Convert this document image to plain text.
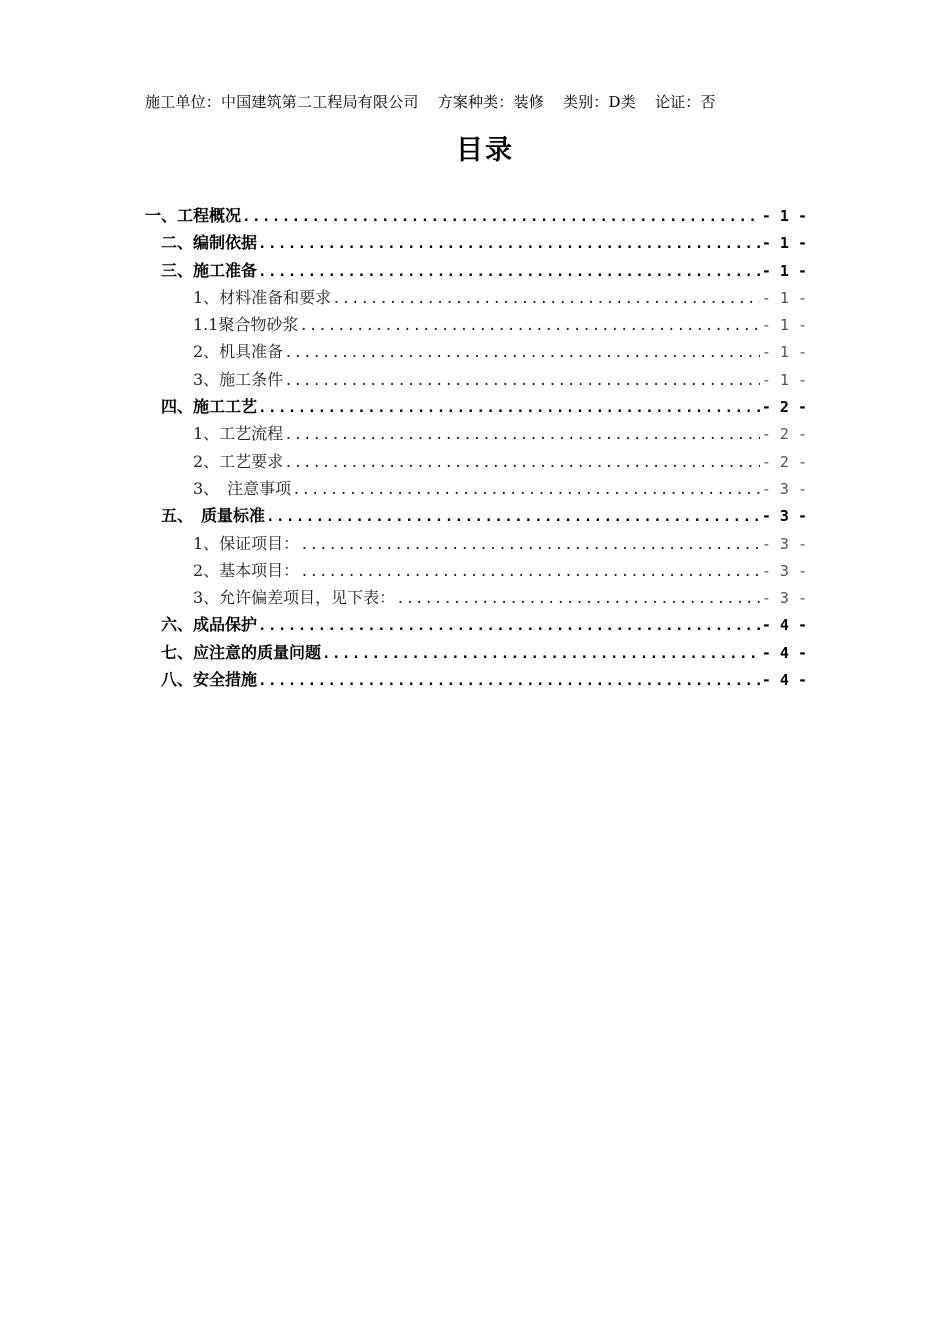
施工单位：中国建筑第二工程局有限公司 方案种类：装修 类别：D类 论证：否
目录
一、工程概况 .....	- 1 -
二、编制依据 .....	- 1 -
三、施工准备 .....	- 1 -
1、材料准备和要求 .....	- 1 -
1.1聚合物砂浆 .....	- 1 -
2、机具准备 .....	- 1 -
3、施工条件 .....	- 1 -
四、施工工艺 .....	- 2 -
1、工艺流程 .....	- 2 -
2、工艺要求 .....	- 2 -
3、　注意事项 .....	- 3 -
五、　质量标准 .....	- 3 -
1、保证项目： .....	- 3 -
2、基本项目： .....	- 3 -
3、允许偏差项目，见下表： .....	- 3 -
六、成品保护 .....	- 4 -
七、应注意的质量问题 .....	- 4 -
八、安全措施 .....	- 4 -
